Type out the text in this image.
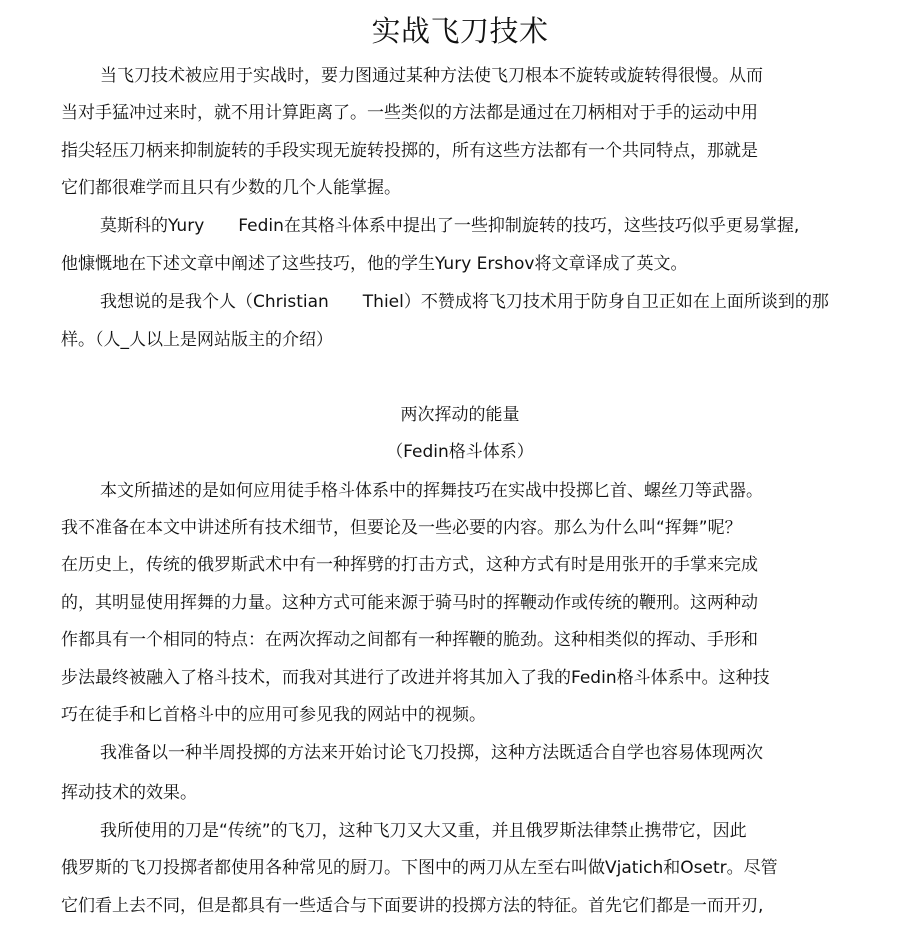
实战飞刀技术
当飞刀技术被应用于实战时，要力图通过某种方法使飞刀根本不旋转或旋转得很慢。从而
当对手猛冲过来时，就不用计算距离了。一些类似的方法都是通过在刀柄相对于手的运动中用
指尖轻压刀柄来抑制旋转的手段实现无旋转投掷的，所有这些方法都有一个共同特点，那就是
它们都很难学而且只有少数的几个人能掌握。
莫斯科的Yury　　Fedin在其格斗体系中提出了一些抑制旋转的技巧，这些技巧似乎更易掌握,
他慷慨地在下述文章中阐述了这些技巧，他的学生Yury Ershov将文章译成了英文。
我想说的是我个人（Christian　　Thiel）不赞成将飞刀技术用于防身自卫正如在上面所谈到的那
样。（人_人以上是网站版主的介绍）
两次挥动的能量
（Fedin格斗体系）
本文所描述的是如何应用徒手格斗体系中的挥舞技巧在实战中投掷匕首、螺丝刀等武器。
我不准备在本文中讲述所有技术细节，但要论及一些必要的内容。那么为什么叫“挥舞”呢？
在历史上，传统的俄罗斯武术中有一种挥劈的打击方式，这种方式有时是用张开的手掌来完成
的，其明显使用挥舞的力量。这种方式可能来源于骑马时的挥鞭动作或传统的鞭刑。这两种动
作都具有一个相同的特点：在两次挥动之间都有一种挥鞭的脆劲。这种相类似的挥动、手形和
步法最终被融入了格斗技术，而我对其进行了改进并将其加入了我的Fedin格斗体系中。这种技
巧在徒手和匕首格斗中的应用可参见我的网站中的视频。
我准备以一种半周投掷的方法来开始讨论飞刀投掷，这种方法既适合自学也容易体现两次
挥动技术的效果。
我所使用的刀是“传统”的飞刀，这种飞刀又大又重，并且俄罗斯法律禁止携带它，因此
俄罗斯的飞刀投掷者都使用各种常见的厨刀。下图中的两刀从左至右叫做Vjatich和Osetr。尽管
它们看上去不同，但是都具有一些适合与下面要讲的投掷方法的特征。首先它们都是一而开刃,
